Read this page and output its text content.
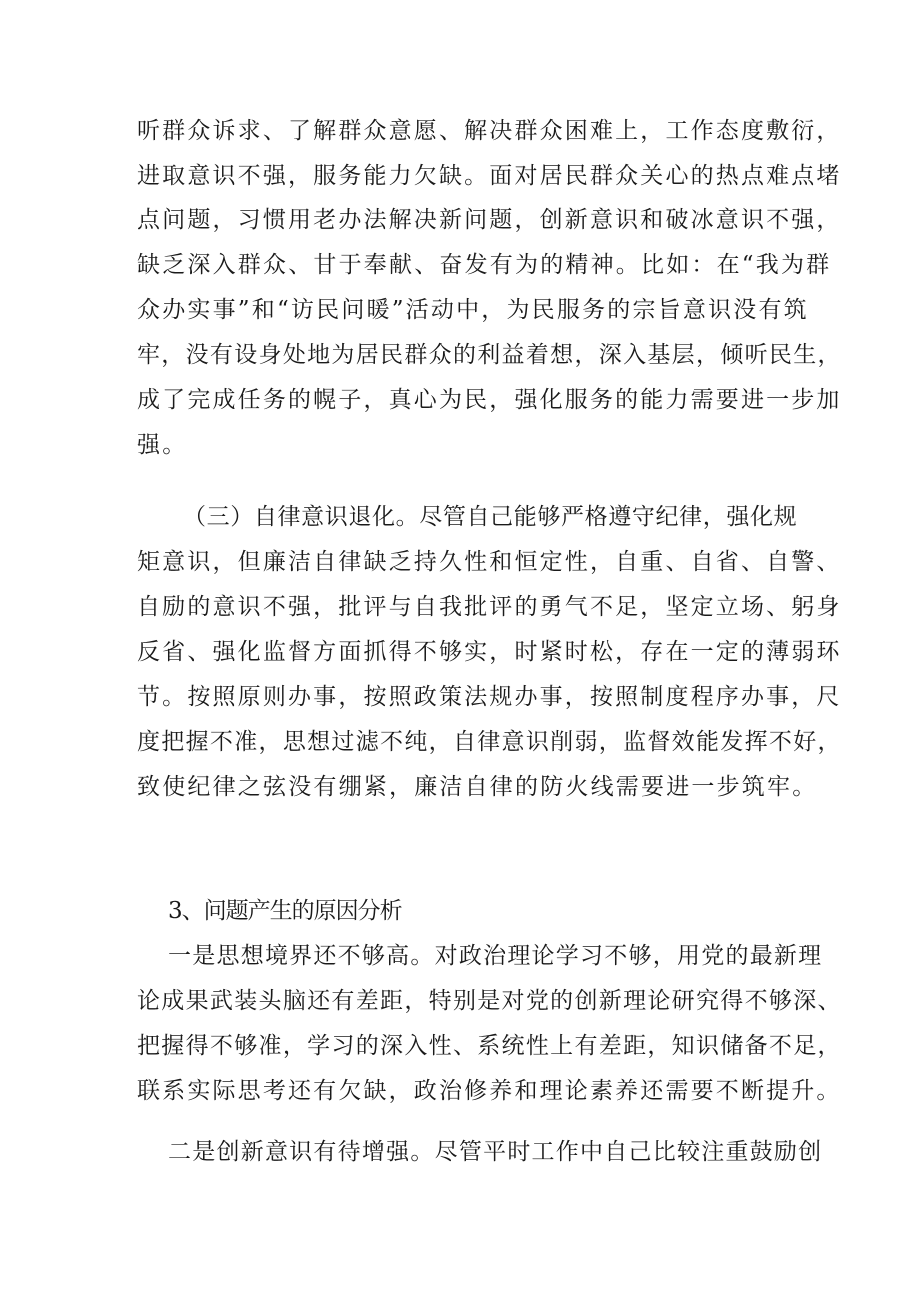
听群众诉求、了解群众意愿、解决群众困难上，工作态度敷衍，
进取意识不强，服务能力欠缺。面对居民群众关心的热点难点堵
点问题，习惯用老办法解决新问题，创新意识和破冰意识不强，
缺乏深入群众、甘于奉献、奋发有为的精神。比如：在“我为群
众办实事”和“访民问暖”活动中，为民服务的宗旨意识没有筑
牢，没有设身处地为居民群众的利益着想，深入基层，倾听民生，
成了完成任务的幌子，真心为民，强化服务的能力需要进一步加
强。
（三）自律意识退化。尽管自己能够严格遵守纪律，强化规
矩意识，但廉洁自律缺乏持久性和恒定性，自重、自省、自警、
自励的意识不强，批评与自我批评的勇气不足，坚定立场、躬身
反省、强化监督方面抓得不够实，时紧时松，存在一定的薄弱环
节。按照原则办事，按照政策法规办事，按照制度程序办事，尺
度把握不准，思想过滤不纯，自律意识削弱，监督效能发挥不好，
致使纪律之弦没有绷紧，廉洁自律的防火线需要进一步筑牢。
3、问题产生的原因分析
一是思想境界还不够高。对政治理论学习不够，用党的最新理
论成果武装头脑还有差距，特别是对党的创新理论研究得不够深、
把握得不够准，学习的深入性、系统性上有差距，知识储备不足，
联系实际思考还有欠缺，政治修养和理论素养还需要不断提升。
二是创新意识有待增强。尽管平时工作中自己比较注重鼓励创
